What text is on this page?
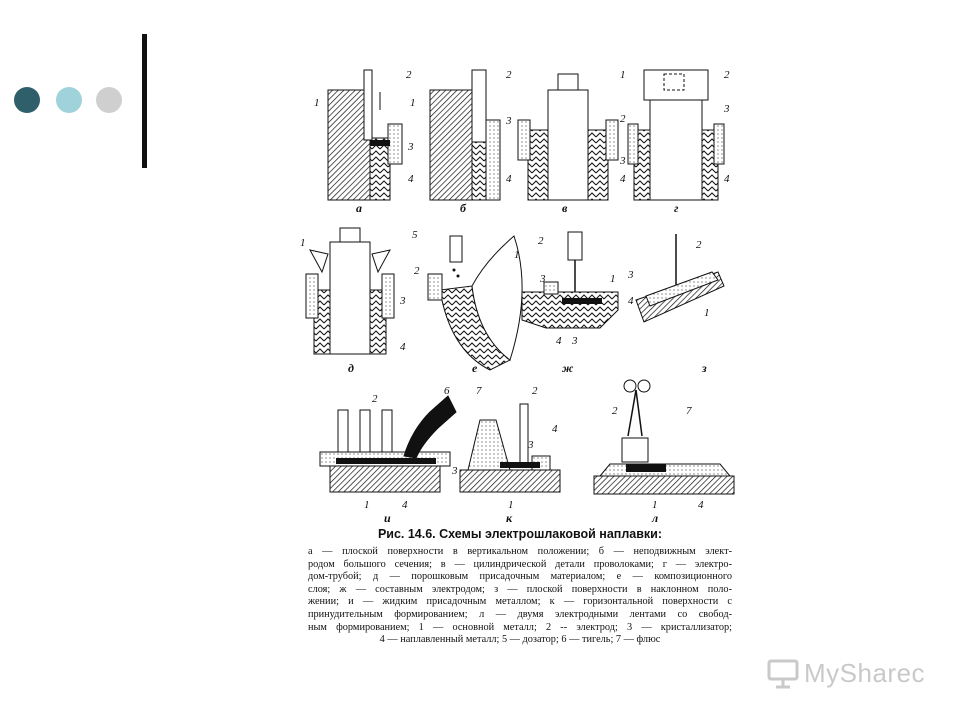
1
2
3
4
а
1
2
3
4
б
1
2
3
4
в
2
3
4
г
1
3
4
д
1
2
5
е
2
3	1
4 3
ж
2
3
4
1
з
2
6
3
1	4
и
7	2
3
4
1
к
2	7
1	4
л

Рис. 14.6. Схемы электрошлаковой наплавки:

а — плоской поверхности в вертикальном положении; б — неподвижным элект-
родом большого сечения; в — цилиндрической детали проволоками; г — электро-
дом-трубой; д — порошковым присадочным материалом; е — композиционного
слоя; ж — составным электродом; з — плоской поверхности в наклонном поло-
жении; и — жидким присадочным металлом; к — горизонтальной поверхности с
принудительным формированием; л — двумя электродными лентами со свобод-
ным формированием; 1 — основной металл; 2 -- электрод; 3 — кристаллизатор;
4 — наплавленный металл; 5 — дозатор; 6 — тигель; 7 — флюс

MySharec
